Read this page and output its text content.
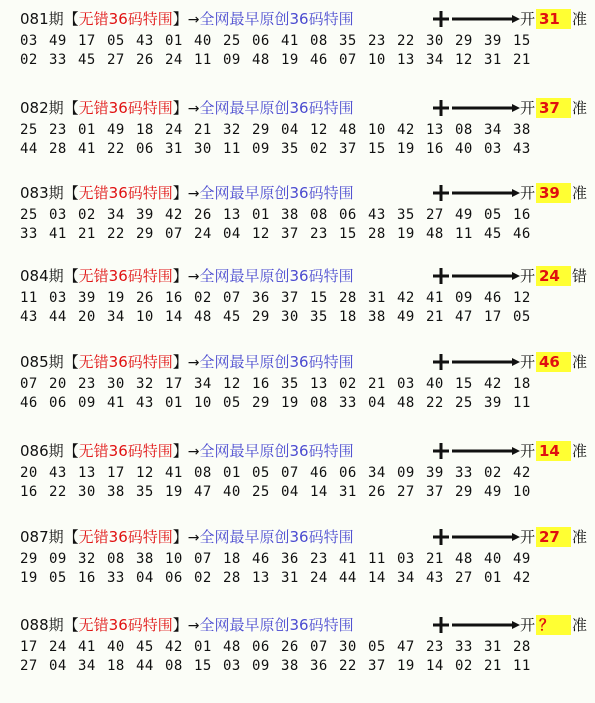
081期【无错36码特围】→全网最早原创36码特围	开 31 准
03 49 17 05 43 01 40 25 06 41 08 35 23 22 30 29 39 15
02 33 45 27 26 24 11 09 48 19 46 07 10 13 34 12 31 21
082期【无错36码特围】→全网最早原创36码特围	开 37 准
25 23 01 49 18 24 21 32 29 04 12 48 10 42 13 08 34 38
44 28 41 22 06 31 30 11 09 35 02 37 15 19 16 40 03 43
083期【无错36码特围】→全网最早原创36码特围	开 39 准
25 03 02 34 39 42 26 13 01 38 08 06 43 35 27 49 05 16
33 41 21 22 29 07 24 04 12 37 23 15 28 19 48 11 45 46
084期【无错36码特围】→全网最早原创36码特围	开 24 错
11 03 39 19 26 16 02 07 36 37 15 28 31 42 41 09 46 12
43 44 20 34 10 14 48 45 29 30 35 18 38 49 21 47 17 05
085期【无错36码特围】→全网最早原创36码特围	开 46 准
07 20 23 30 32 17 34 12 16 35 13 02 21 03 40 15 42 18
46 06 09 41 43 01 10 05 29 19 08 33 04 48 22 25 39 11
086期【无错36码特围】→全网最早原创36码特围	开 14 准
20 43 13 17 12 41 08 01 05 07 46 06 34 09 39 33 02 42
16 22 30 38 35 19 47 40 25 04 14 31 26 27 37 29 49 10
087期【无错36码特围】→全网最早原创36码特围	开 27 准
29 09 32 08 38 10 07 18 46 36 23 41 11 03 21 48 40 49
19 05 16 33 04 06 02 28 13 31 24 44 14 34 43 27 01 42
088期【无错36码特围】→全网最早原创36码特围	开 ？	准
17 24 41 40 45 42 01 48 06 26 07 30 05 47 23 33 31 28
27 04 34 18 44 08 15 03 09 38 36 22 37 19 14 02 21 11
